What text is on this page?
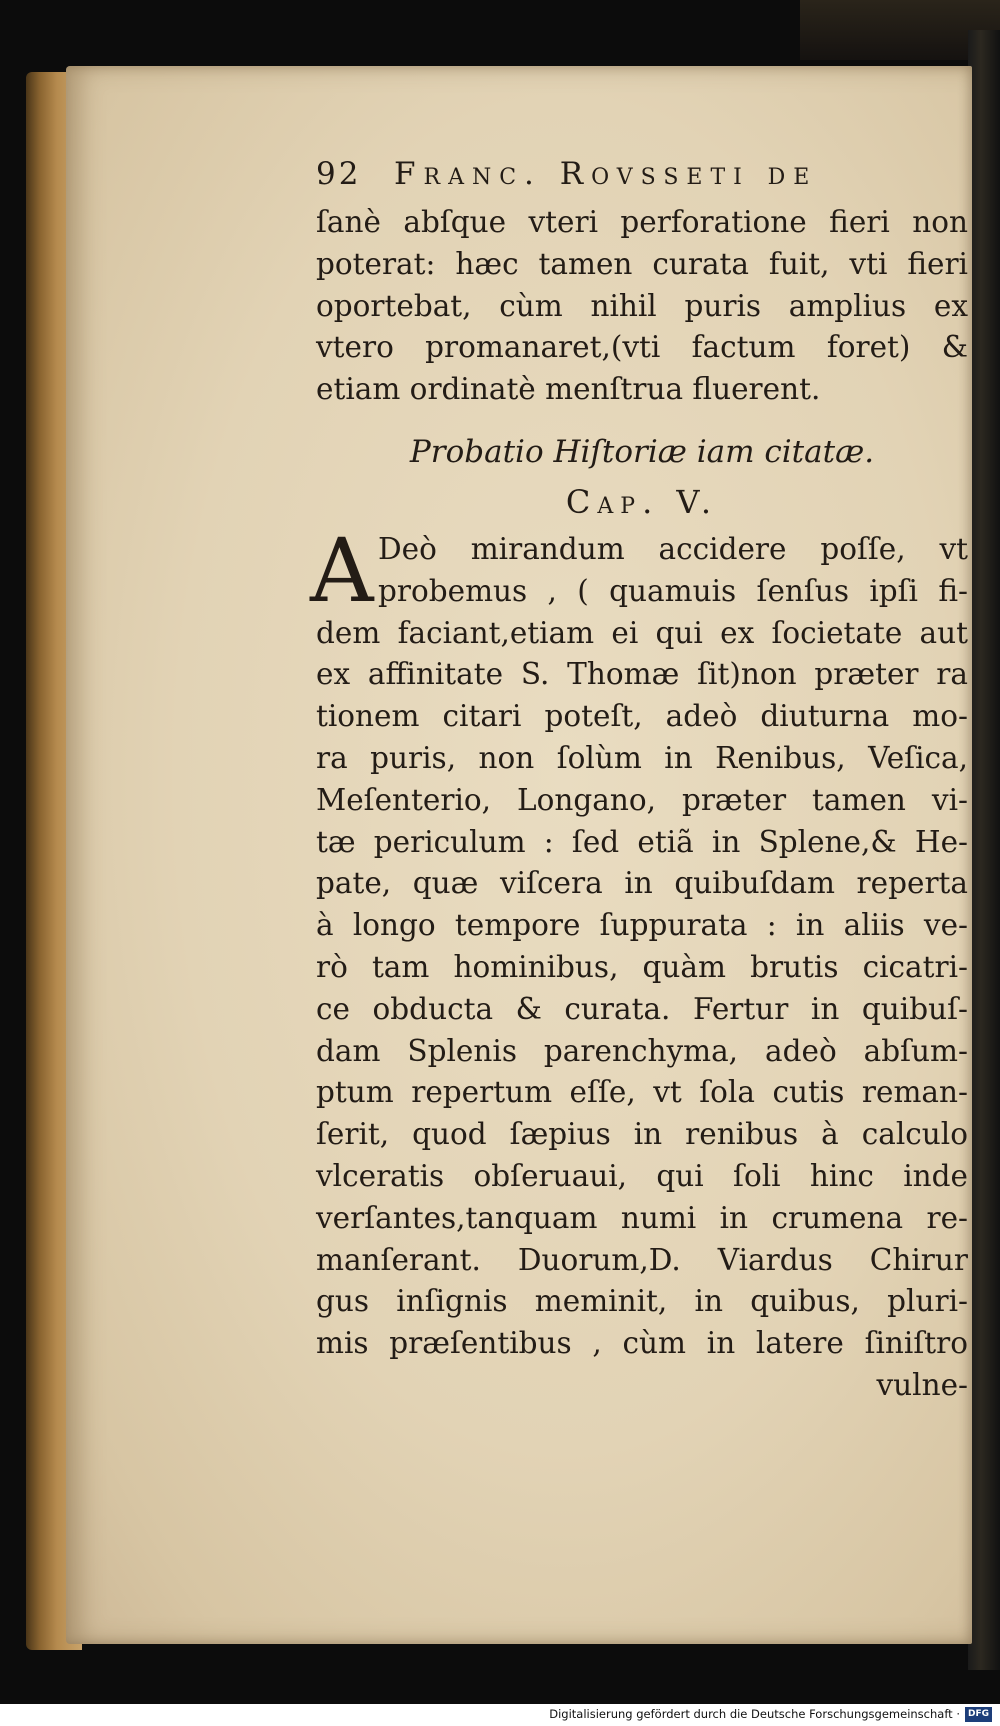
92 Franc. Rovsseti de
ſanè abſque vteri perforatione fieri non
poterat: hæc tamen curata fuit, vti fieri
oportebat, cùm nihil puris amplius ex
vtero promanaret,(vti factum foret) &
etiam ordinatè menſtrua fluerent.
Probatio Hiſtoriæ iam citatæ.
Cap. V.
A Deò mirandum accidere poſſe, vt
probemus , ( quamuis ſenſus ipſi fi-
dem faciant,etiam ei qui ex ſocietate aut
ex affinitate S. Thomæ ſit)non præter ra
tionem citari poteſt, adeò diuturna mo-
ra puris, non ſolùm in Renibus, Veſica,
Meſenterio, Longano, præter tamen vi-
tæ periculum : ſed etiã in Splene,& He-
pate, quæ viſcera in quibuſdam reperta
à longo tempore ſuppurata : in aliis ve-
rò tam hominibus, quàm brutis cicatri-
ce obducta & curata. Fertur in quibuſ-
dam Splenis parenchyma, adeò abſum-
ptum repertum eſſe, vt ſola cutis reman-
ſerit, quod ſæpius in renibus à calculo
vlceratis obſeruaui, qui ſoli hinc inde
verſantes,tanquam numi in crumena re-
manſerant. Duorum,D. Viardus Chirur
gus inſignis meminit, in quibus, pluri-
mis præſentibus , cùm in latere ſiniſtro
vulne-
Digitalisierung gefördert durch die Deutsche Forschungsgemeinschaft · DFG
